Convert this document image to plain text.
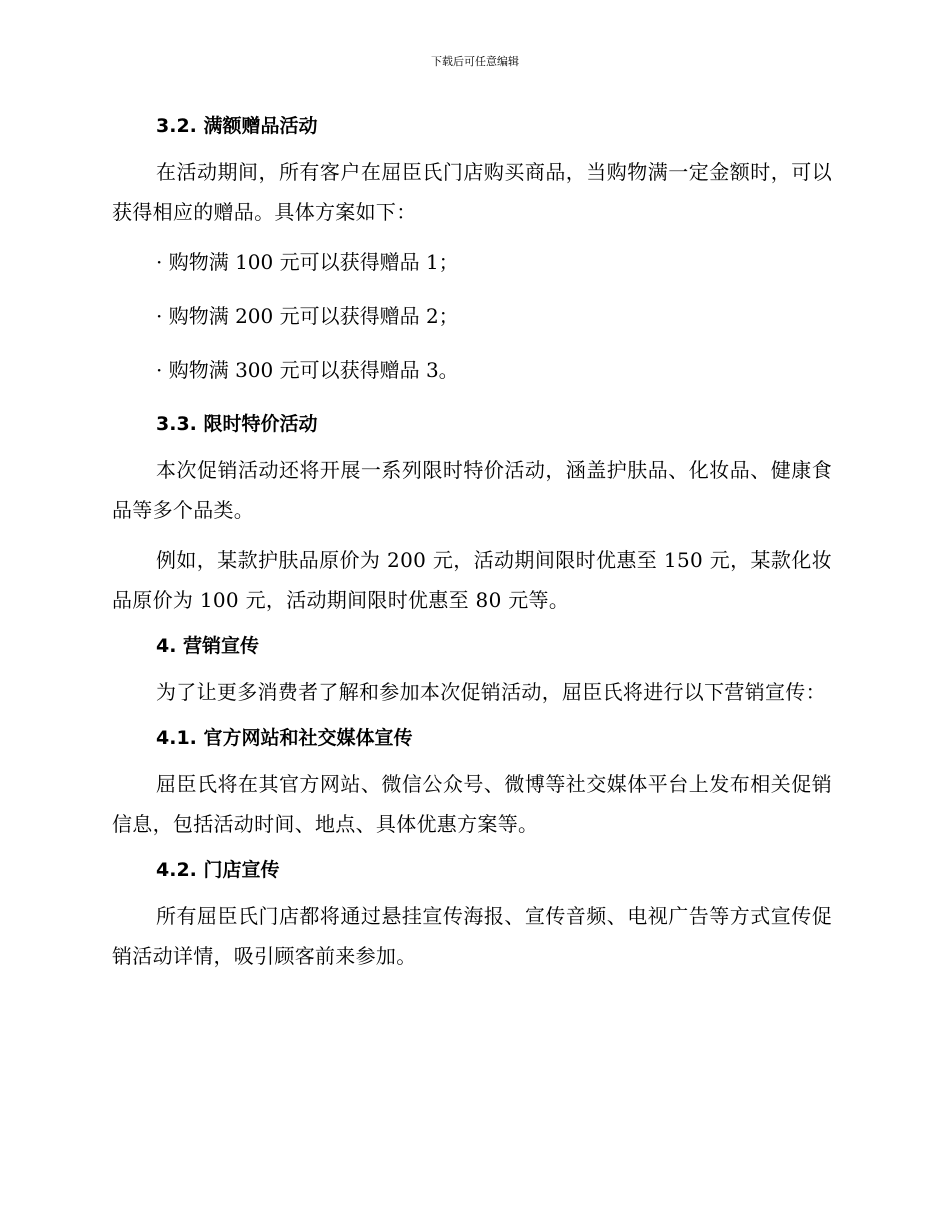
下载后可任意编辑
3.2. 满额赠品活动

在活动期间，所有客户在屈臣氏门店购买商品，当购物满一定金额时，可以获得相应的赠品。具体方案如下：

· 购物满 100 元可以获得赠品 1；

· 购物满 200 元可以获得赠品 2；

· 购物满 300 元可以获得赠品 3。

3.3. 限时特价活动

本次促销活动还将开展一系列限时特价活动，涵盖护肤品、化妆品、健康食品等多个品类。

例如，某款护肤品原价为 200 元，活动期间限时优惠至 150 元，某款化妆品原价为 100 元，活动期间限时优惠至 80 元等。

4. 营销宣传

为了让更多消费者了解和参加本次促销活动，屈臣氏将进行以下营销宣传：

4.1. 官方网站和社交媒体宣传

屈臣氏将在其官方网站、微信公众号、微博等社交媒体平台上发布相关促销信息，包括活动时间、地点、具体优惠方案等。

4.2. 门店宣传

所有屈臣氏门店都将通过悬挂宣传海报、宣传音频、电视广告等方式宣传促销活动详情，吸引顾客前来参加。
